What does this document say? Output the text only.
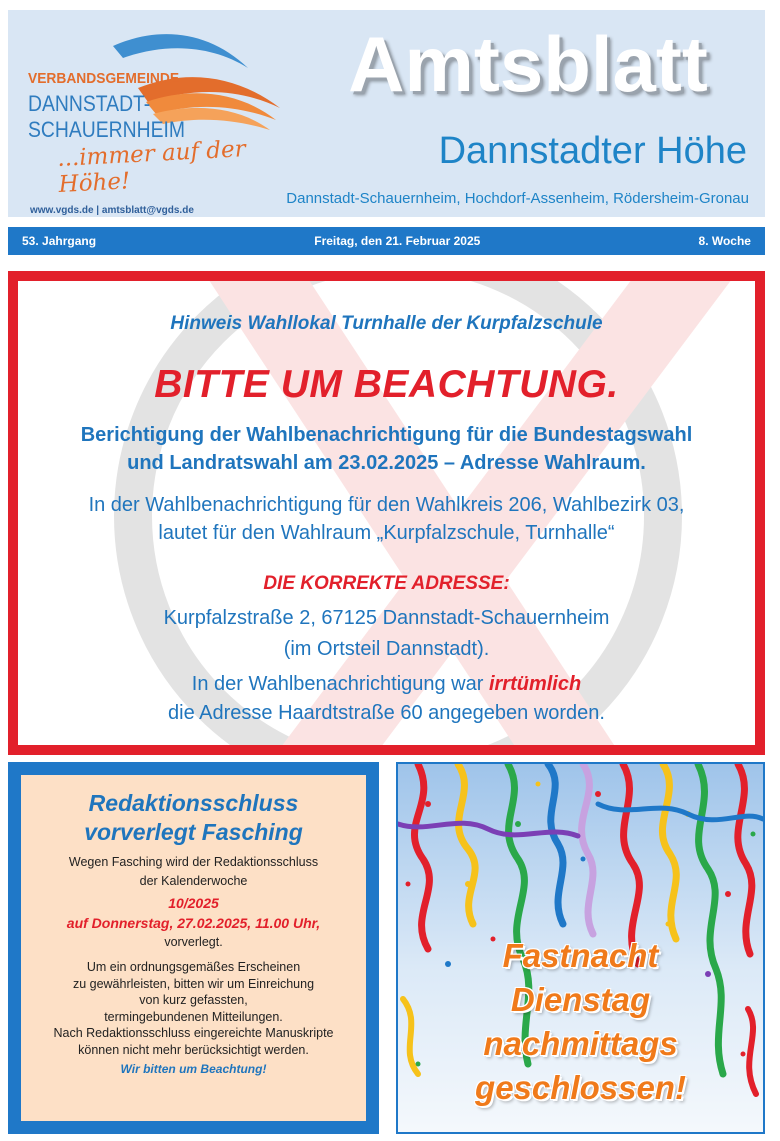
VERBANDSGEMEINDE
DANNSTADT-
SCHAUERNHEIM
...immer auf der Höhe!
www.vgds.de | amtsblatt@vgds.de
Amtsblatt
Dannstadter Höhe
Dannstadt-Schauernheim, Hochdorf-Assenheim, Rödersheim-Gronau
53. Jahrgang	Freitag, den 21. Februar 2025	8. Woche
Hinweis Wahllokal Turnhalle der Kurpfalzschule
BITTE UM BEACHTUNG.
Berichtigung der Wahlbenachrichtigung für die Bundestagswahl
und Landratswahl am 23.02.2025 – Adresse Wahlraum.
In der Wahlbenachrichtigung für den Wahlkreis 206, Wahlbezirk 03,
lautet für den Wahlraum „Kurpfalzschule, Turnhalle“
DIE KORREKTE ADRESSE:
Kurpfalzstraße 2, 67125 Dannstadt-Schauernheim
(im Ortsteil Dannstadt).
In der Wahlbenachrichtigung war irrtümlich
die Adresse Haardtstraße 60 angegeben worden.
Redaktionsschluss
vorverlegt Fasching
Wegen Fasching wird der Redaktionsschluss
der Kalenderwoche
10/2025
auf Donnerstag, 27.02.2025, 11.00 Uhr,
vorverlegt.
Um ein ordnungsgemäßes Erscheinen
zu gewährleisten, bitten wir um Einreichung
von kurz gefassten,
termingebundenen Mitteilungen.
Nach Redaktionsschluss eingereichte Manuskripte
können nicht mehr berücksichtigt werden.
Wir bitten um Beachtung!
Fastnacht
Dienstag
nachmittags
geschlossen!
